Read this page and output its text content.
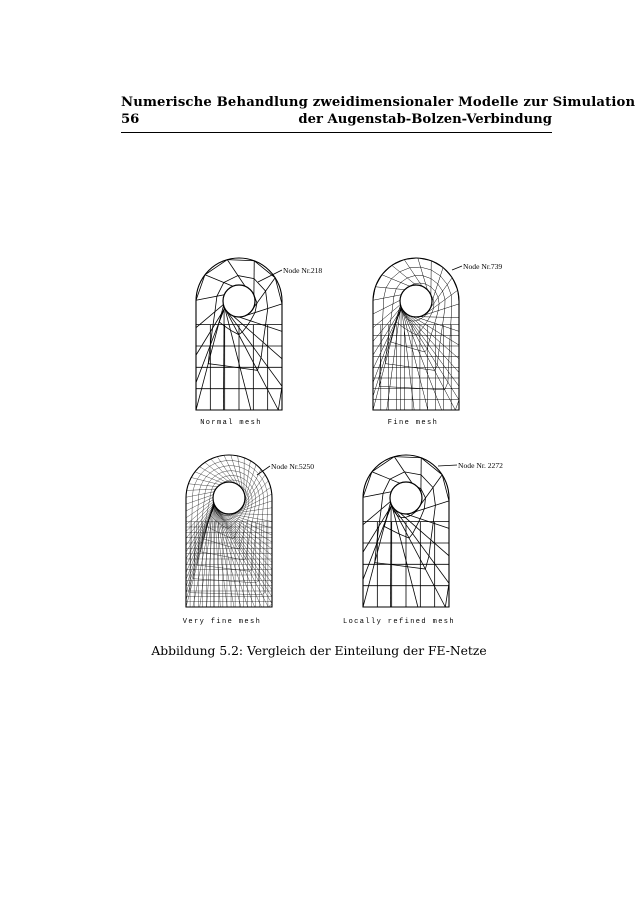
Numerische Behandlung zweidimensionaler Modelle zur Simulation
56	der Augenstab-Bolzen-Verbindung
Node Nr.218
Normal mesh
Node Nr.739
Fine mesh
Node Nr.5250
Very fine mesh
Node Nr. 2272
Locally refined mesh
Abbildung 5.2: Vergleich der Einteilung der FE-Netze
